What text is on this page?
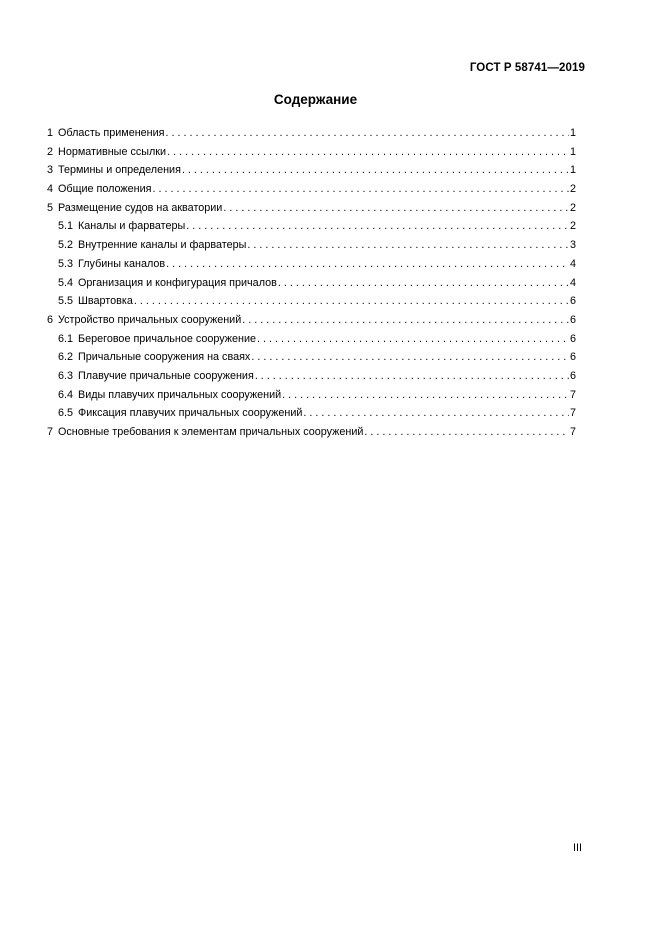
ГОСТ Р 58741—2019
Содержание
1 Область применения . . .	1
2 Нормативные ссылки . . .	1
3 Термины и определения . . .	1
4 Общие положения . . .	2
5 Размещение судов на акватории . . .	2
5.1 Каналы и фарватеры . . .	2
5.2 Внутренние каналы и фарватеры . . .	3
5.3 Глубины каналов . . .	4
5.4 Организация и конфигурация причалов . . .	4
5.5 Швартовка . . .	6
6 Устройство причальных сооружений . . .	6
6.1 Береговое причальное сооружение . . .	6
6.2 Причальные сооружения на сваях . . .	6
6.3 Плавучие причальные сооружения . . .	6
6.4 Виды плавучих причальных сооружений . . .	7
6.5 Фиксация плавучих причальных сооружений . . .	7
7 Основные требования к элементам причальных сооружений . . .	7
III
